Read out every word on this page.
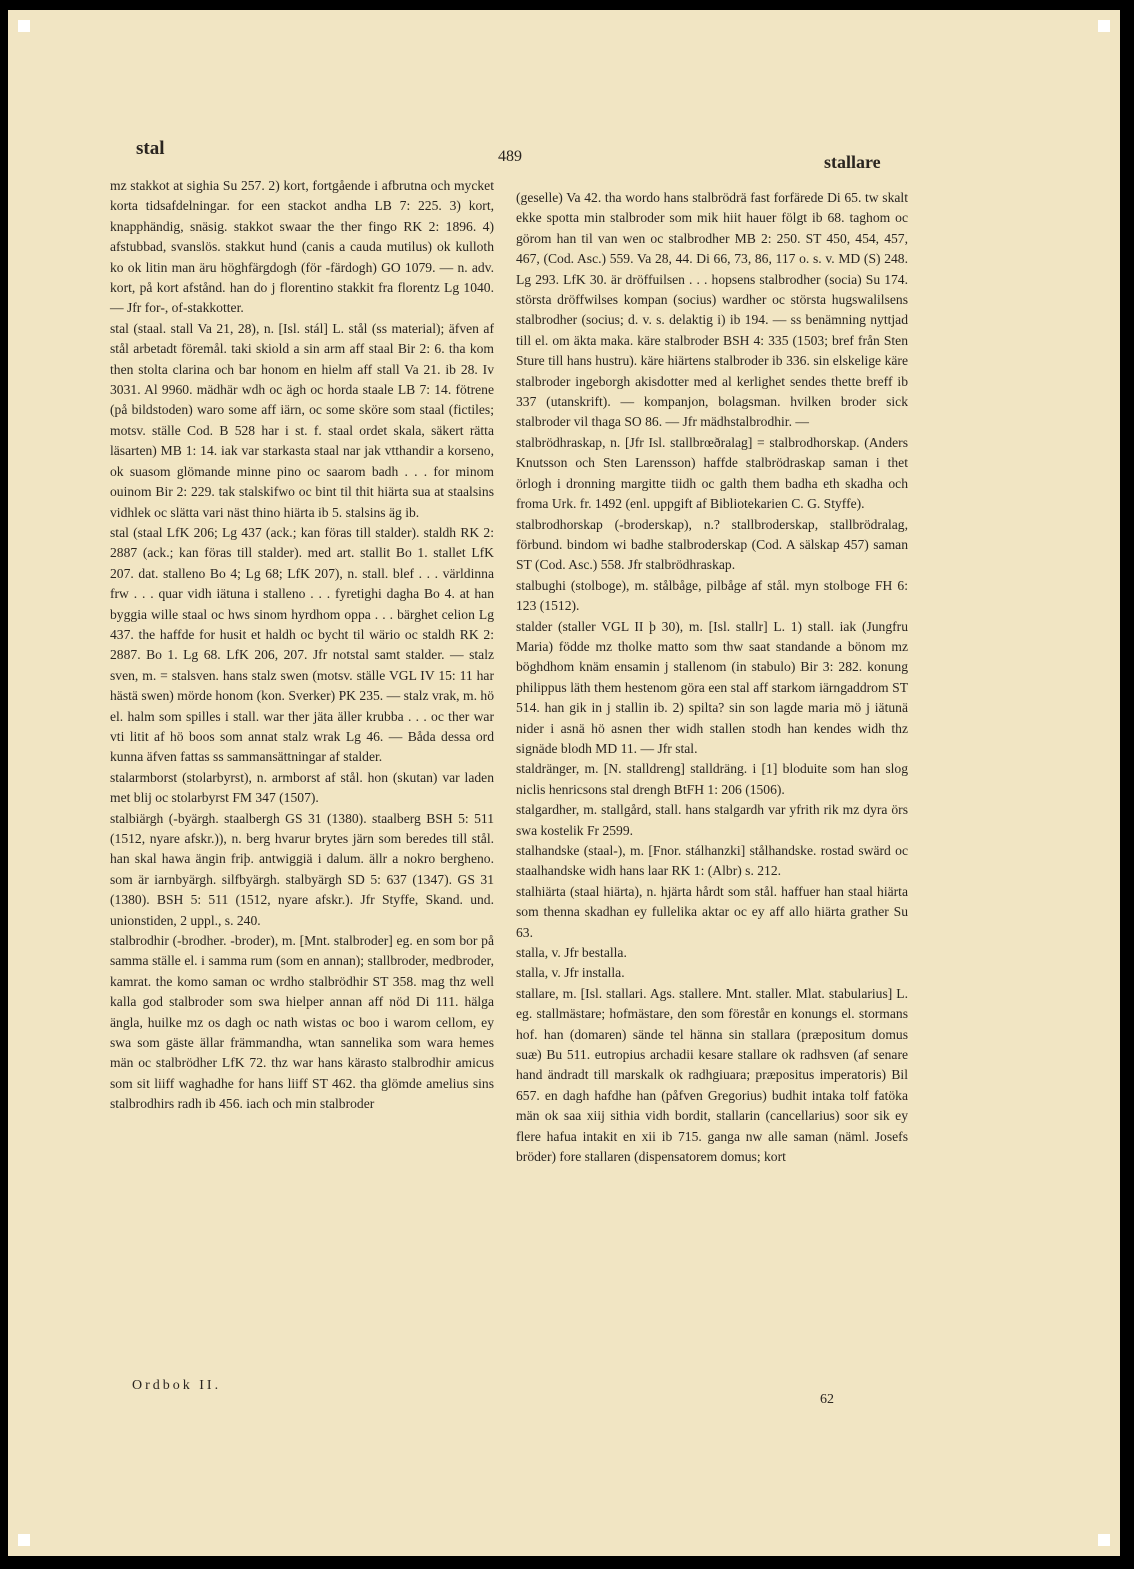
stal	489	stallare

mz stakkot at sighia Su 257. 2) kort, fortgående i afbrutna och mycket korta tidsafdelningar. for een stackot andha LB 7: 225. 3) kort, knapphändig, snäsig. stakkot swaar the ther fingo RK 2: 1896. 4) afstubbad, svanslös. stakkut hund (canis a cauda mutilus) ok kulloth ko ok litin man äru höghfärgdogh (för -färdogh) GO 1079. — n. adv. kort, på kort afstånd. han do j florentino stakkit fra florentz Lg 1040. — Jfr for-, of-stakkotter.

stal (staal. stall Va 21, 28), n. [Isl. stál] L. stål (ss material); äfven af stål arbetadt föremål. taki skiold a sin arm aff staal Bir 2: 6. tha kom then stolta clarina och bar honom en hielm aff stall Va 21. ib 28. Iv 3031. Al 9960. mädhär wdh oc ägh oc horda staale LB 7: 14. fötrene (på bildstoden) waro some aff iärn, oc some sköre som staal (fictiles; motsv. ställe Cod. B 528 har i st. f. staal ordet skala, säkert rätta läsarten) MB 1: 14. iak var starkasta staal nar jak vtthandir a korseno, ok suasom glömande minne pino oc saarom badh . . . for minom ouinom Bir 2: 229. tak stalskifwo oc bint til thit hiärta sua at staalsins vidhlek oc slätta vari näst thino hiärta ib 5. stalsins äg ib.

stal (staal LfK 206; Lg 437 (ack.; kan föras till stalder). staldh RK 2: 2887 (ack.; kan föras till stalder). med art. stallit Bo 1. stallet LfK 207. dat. stalleno Bo 4; Lg 68; LfK 207), n. stall. blef . . . världinna frw . . . quar vidh iätuna i stalleno . . . fyretighi dagha Bo 4. at han byggia wille staal oc hws sinom hyrdhom oppa . . . bärghet celion Lg 437. the haffde for husit et haldh oc bycht til wärio oc staldh RK 2: 2887. Bo 1. Lg 68. LfK 206, 207. Jfr notstal samt stalder. — stalz sven, m. = stalsven. hans stalz swen (motsv. ställe VGL IV 15: 11 har hästä swen) mörde honom (kon. Sverker) PK 235. — stalz vrak, m. hö el. halm som spilles i stall. war ther jäta äller krubba . . . oc ther war vti litit af hö boos som annat stalz wrak Lg 46. — Båda dessa ord kunna äfven fattas ss sammansättningar af stalder.

stalarmborst (stolarbyrst), n. armborst af stål. hon (skutan) var laden met blij oc stolarbyrst FM 347 (1507).

stalbiärgh (-byärgh. staalbergh GS 31 (1380). staalberg BSH 5: 511 (1512, nyare afskr.)), n. berg hvarur brytes järn som beredes till stål. han skal hawa ängin friþ. antwiggiä i dalum. ällr a nokro bergheno. som är iarnbyärgh. silfbyärgh. stalbyärgh SD 5: 637 (1347). GS 31 (1380). BSH 5: 511 (1512, nyare afskr.). Jfr Styffe, Skand. und. unionstiden, 2 uppl., s. 240.

stalbrodhir (-brodher. -broder), m. [Mnt. stalbroder] eg. en som bor på samma ställe el. i samma rum (som en annan); stallbroder, medbroder, kamrat. the komo saman oc wrdho stalbrödhir ST 358. mag thz well kalla god stalbroder som swa hielper annan aff nöd Di 111. hälga ängla, huilke mz os dagh oc nath wistas oc boo i warom cellom, ey swa som gäste ällar främmandha, wtan sannelika som wara hemes män oc stalbrödher LfK 72. thz war hans kärasto stalbrodhir amicus som sit liiff waghadhe for hans liiff ST 462. tha glömde amelius sins stalbrodhirs radh ib 456. iach och min stalbroder

(geselle) Va 42. tha wordo hans stalbrödrä fast forfärede Di 65. tw skalt ekke spotta min stalbroder som mik hiit hauer fölgt ib 68. taghom oc görom han til van wen oc stalbrodher MB 2: 250. ST 450, 454, 457, 467, (Cod. Asc.) 559. Va 28, 44. Di 66, 73, 86, 117 o. s. v. MD (S) 248. Lg 293. LfK 30. är dröffuilsen . . . hopsens stalbrodher (socia) Su 174. största dröffwilses kompan (socius) wardher oc största hugswalilsens stalbrodher (socius; d. v. s. delaktig i) ib 194. — ss benämning nyttjad till el. om äkta maka. käre stalbroder BSH 4: 335 (1503; bref från Sten Sture till hans hustru). käre hiärtens stalbroder ib 336. sin elskelige käre stalbroder ingeborgh akisdotter med al kerlighet sendes thette breff ib 337 (utanskrift). — kompanjon, bolagsman. hvilken broder sick stalbroder vil thaga SO 86. — Jfr mädhstalbrodhir. —

stalbrödhraskap, n. [Jfr Isl. stallbrœðralag] = stalbrodhorskap. (Anders Knutsson och Sten Larensson) haffde stalbrödraskap saman i thet örlogh i dronning margitte tiidh oc galth them badha eth skadha och froma Urk. fr. 1492 (enl. uppgift af Bibliotekarien C. G. Styffe).

stalbrodhorskap (-broderskap), n.? stallbroderskap, stallbrödralag, förbund. bindom wi badhe stalbroderskap (Cod. A sälskap 457) saman ST (Cod. Asc.) 558. Jfr stalbrödhraskap.

stalbughi (stolboge), m. stålbåge, pilbåge af stål. myn stolboge FH 6: 123 (1512).

stalder (staller VGL II þ 30), m. [Isl. stallr] L. 1) stall. iak (Jungfru Maria) födde mz tholke matto som thw saat standande a bönom mz böghdhom knäm ensamin j stallenom (in stabulo) Bir 3: 282. konung philippus läth them hestenom göra een stal aff starkom iärngaddrom ST 514. han gik in j stallin ib. 2) spilta? sin son lagde maria mö j iätunä nider i asnä hö asnen ther widh stallen stodh han kendes widh thz signäde blodh MD 11. — Jfr stal.

staldränger, m. [N. stalldreng] stalldräng. i [1] bloduite som han slog niclis henricsons stal drengh BtFH 1: 206 (1506).

stalgardher, m. stallgård, stall. hans stalgardh var yfrith rik mz dyra örs swa kostelik Fr 2599.

stalhandske (staal-), m. [Fnor. stálhanzki] stålhandske. rostad swärd oc staalhandske widh hans laar RK 1: (Albr) s. 212.

stalhiärta (staal hiärta), n. hjärta hårdt som stål. haffuer han staal hiärta som thenna skadhan ey fullelika aktar oc ey aff allo hiärta grather Su 63.

stalla, v. Jfr bestalla.

stalla, v. Jfr installa.

stallare, m. [Isl. stallari. Ags. stallere. Mnt. staller. Mlat. stabularius] L. eg. stallmästare; hofmästare, den som förestår en konungs el. stormans hof. han (domaren) sände tel hänna sin stallara (præpositum domus suæ) Bu 511. eutropius archadii kesare stallare ok radhsven (af senare hand ändradt till marskalk ok radhgiuara; præpositus imperatoris) Bil 657. en dagh hafdhe han (påfven Gregorius) budhit intaka tolf fatöka män ok saa xiij sithia vidh bordit, stallarin (cancellarius) soor sik ey flere hafua intakit en xii ib 715. ganga nw alle saman (näml. Josefs bröder) fore stallaren (dispensatorem domus; kort

Ordbok II.
62
